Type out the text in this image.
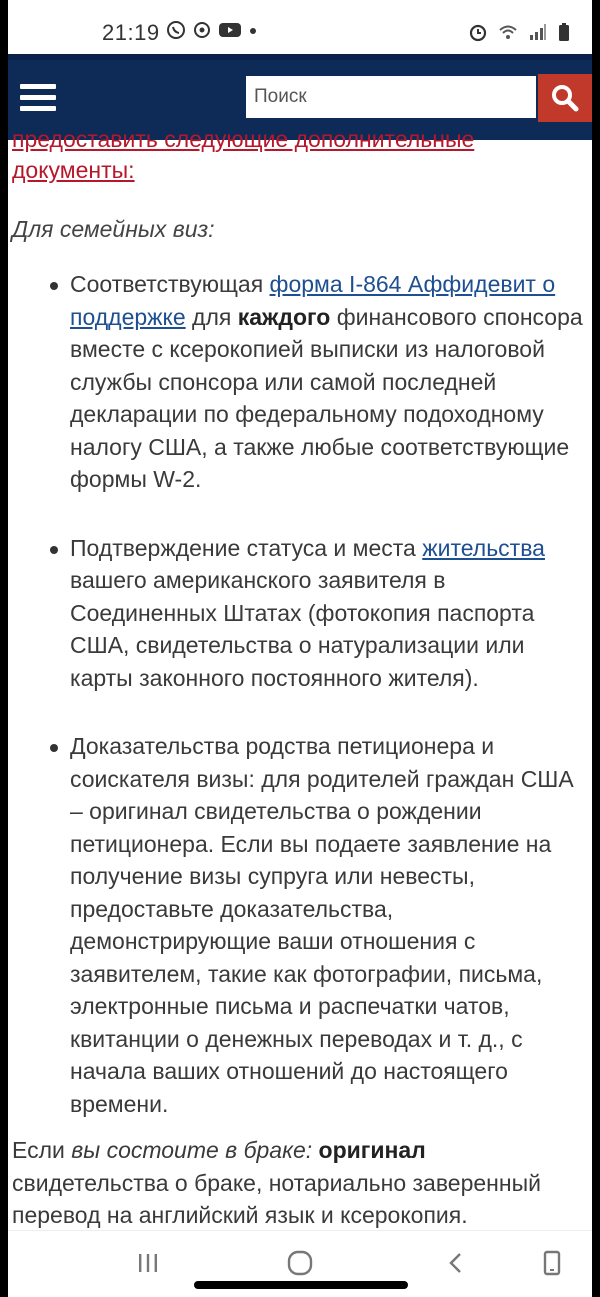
21:19
Поиск
предоставить следующие дополнительные документы:
Для семейных виз:
Соответствующая форма I-864 Аффидевит о поддержке для каждого финансового спонсора вместе с ксерокопией выписки из налоговой службы спонсора или самой последней декларации по федеральному подоходному налогу США, а также любые соответствующие формы W-2.
Подтверждение статуса и места жительства вашего американского заявителя в Соединенных Штатах (фотокопия паспорта США, свидетельства о натурализации или карты законного постоянного жителя).
Доказательства родства петиционера и соискателя визы: для родителей граждан США – оригинал свидетельства о рождении петиционера. Если вы подаете заявление на получение визы супруга или невесты, предоставьте доказательства, демонстрирующие ваши отношения с заявителем, такие как фотографии, письма, электронные письма и распечатки чатов, квитанции о денежных переводах и т. д., с начала ваших отношений до настоящего времени.
Если вы состоите в браке: оригинал свидетельства о браке, нотариально заверенный перевод на английский язык и ксерокопия.
